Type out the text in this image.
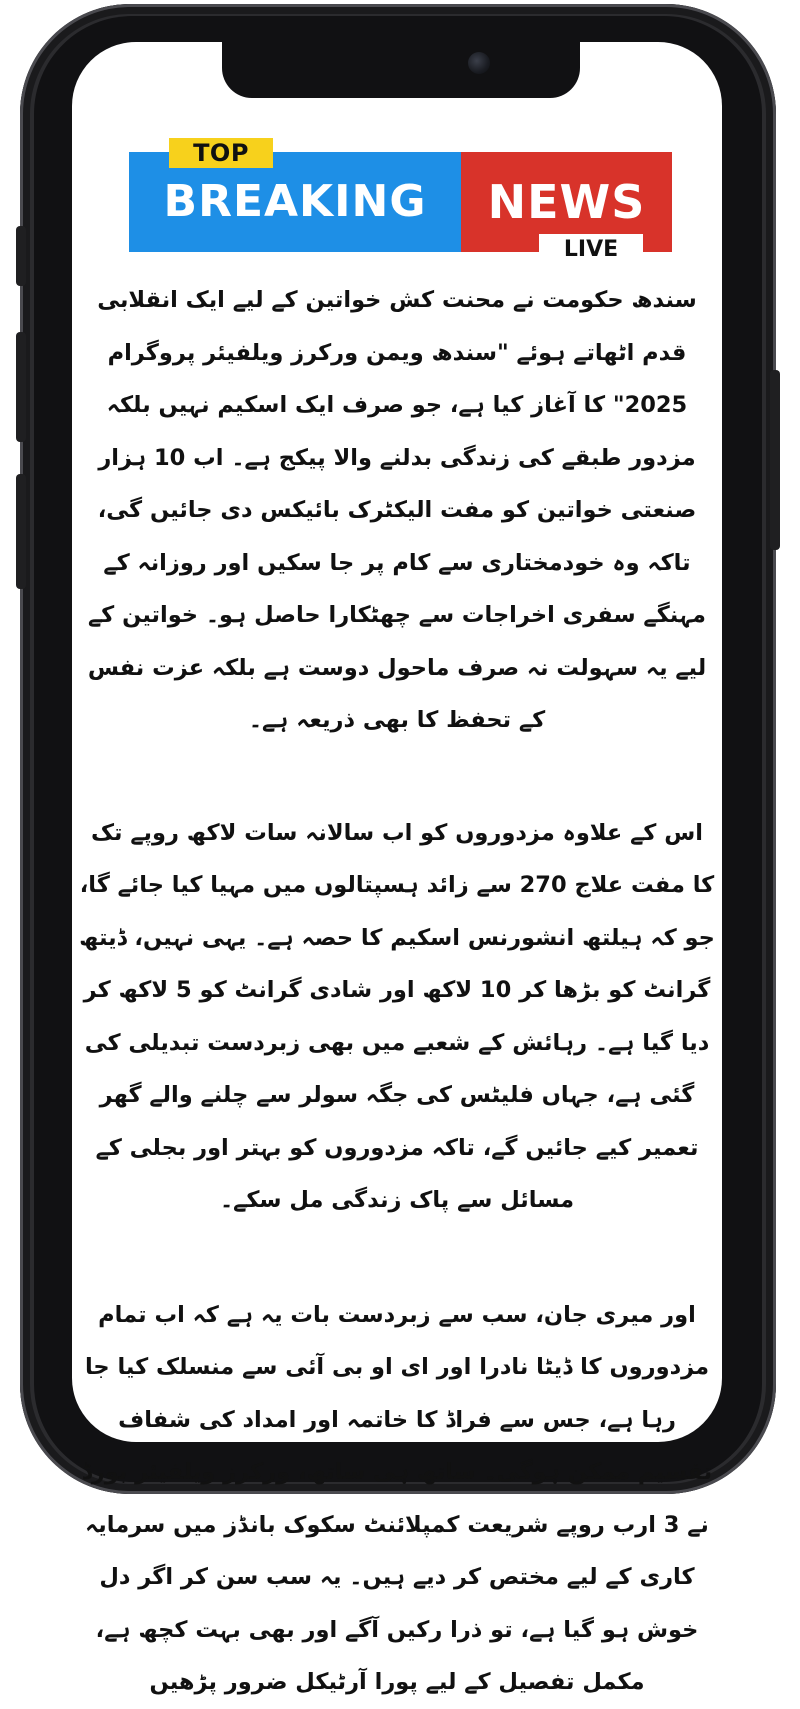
BREAKING	NEWS
TOP
LIVE

سندھ حکومت نے محنت کش خواتین کے لیے ایک انقلابی قدم اٹھاتے ہوئے "سندھ ویمن ورکرز ویلفیئر پروگرام 2025" کا آغاز کیا ہے، جو صرف ایک اسکیم نہیں بلکہ مزدور طبقے کی زندگی بدلنے والا پیکج ہے۔ اب 10 ہزار صنعتی خواتین کو مفت الیکٹرک بائیکس دی جائیں گی، تاکہ وہ خودمختاری سے کام پر جا سکیں اور روزانہ کے مہنگے سفری اخراجات سے چھٹکارا حاصل ہو۔ خواتین کے لیے یہ سہولت نہ صرف ماحول دوست ہے بلکہ عزت نفس کے تحفظ کا بھی ذریعہ ہے۔

اس کے علاوہ مزدوروں کو اب سالانہ سات لاکھ روپے تک کا مفت علاج 270 سے زائد ہسپتالوں میں مہیا کیا جائے گا، جو کہ ہیلتھ انشورنس اسکیم کا حصہ ہے۔ یہی نہیں، ڈیتھ گرانٹ کو بڑھا کر 10 لاکھ اور شادی گرانٹ کو 5 لاکھ کر دیا گیا ہے۔ رہائش کے شعبے میں بھی زبردست تبدیلی کی گئی ہے، جہاں فلیٹس کی جگہ سولر سے چلنے والے گھر تعمیر کیے جائیں گے، تاکہ مزدوروں کو بہتر اور بجلی کے مسائل سے پاک زندگی مل سکے۔

اور میری جان، سب سے زبردست بات یہ ہے کہ اب تمام مزدوروں کا ڈیٹا نادرا اور ای او بی آئی سے منسلک کیا جا رہا ہے، جس سے فراڈ کا خاتمہ اور امداد کی شفاف تقسیم ممکن ہوگی۔ ساتھ ہی ساتھ، ورکرز ویلفیئر بورڈ نے 3 ارب روپے شریعت کمپلائنٹ سکوک بانڈز میں سرمایہ کاری کے لیے مختص کر دیے ہیں۔ یہ سب سن کر اگر دل خوش ہو گیا ہے، تو ذرا رکیں آگے اور بھی بہت کچھ ہے، مکمل تفصیل کے لیے پورا آرٹیکل ضرور پڑھیں
